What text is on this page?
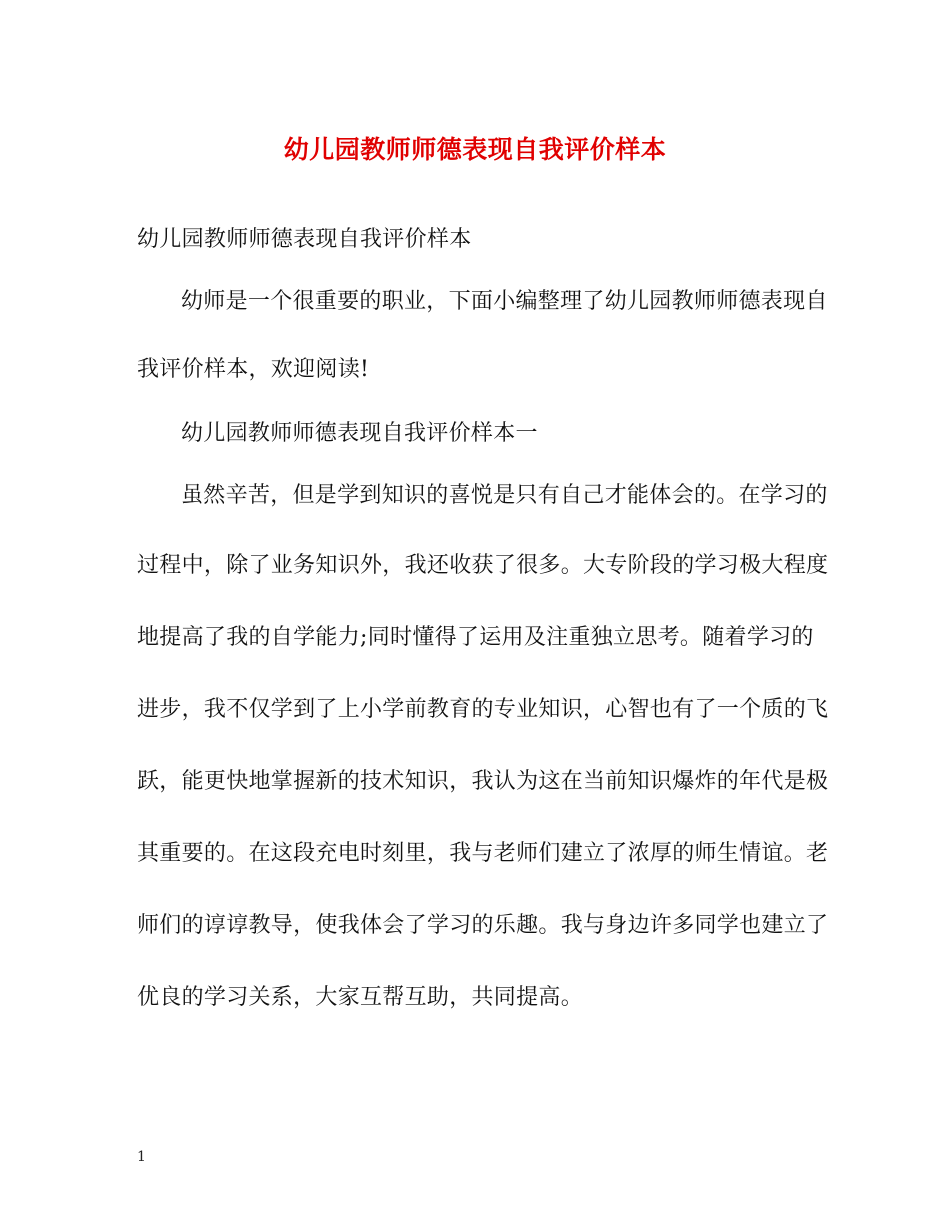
幼儿园教师师德表现自我评价样本
幼儿园教师师德表现自我评价样本
幼师是一个很重要的职业，下面小编整理了幼儿园教师师德表现自
我评价样本，欢迎阅读!
幼儿园教师师德表现自我评价样本一
虽然辛苦，但是学到知识的喜悦是只有自己才能体会的。在学习的
过程中，除了业务知识外，我还收获了很多。大专阶段的学习极大程度
地提高了我的自学能力;同时懂得了运用及注重独立思考。随着学习的
进步，我不仅学到了上小学前教育的专业知识，心智也有了一个质的飞
跃，能更快地掌握新的技术知识，我认为这在当前知识爆炸的年代是极
其重要的。在这段充电时刻里，我与老师们建立了浓厚的师生情谊。老
师们的谆谆教导，使我体会了学习的乐趣。我与身边许多同学也建立了
优良的学习关系，大家互帮互助，共同提高。
1
